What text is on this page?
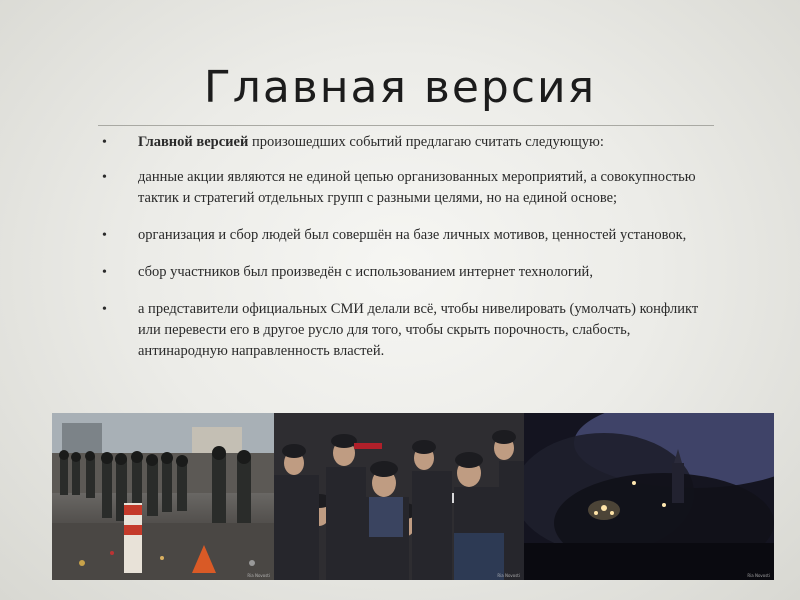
Главная версия
• Главной версией произошедших событий предлагаю считать следующую:
• данные акции являются не единой цепью организованных мероприятий, а совокупностью тактик и стратегий отдельных групп с разными целями, но на единой основе;
• организация и сбор людей был совершён на базе личных мотивов, ценностей установок,
• сбор участников был произведён с использованием интернет технологий,
• а представители официальных СМИ делали всё, чтобы нивелировать (умолчать) конфликт или перевести его в другое русло для того, чтобы скрыть порочность, слабость, антинародную направленность властей.
Ria Novosti	Ria Novosti	Ria Novosti
